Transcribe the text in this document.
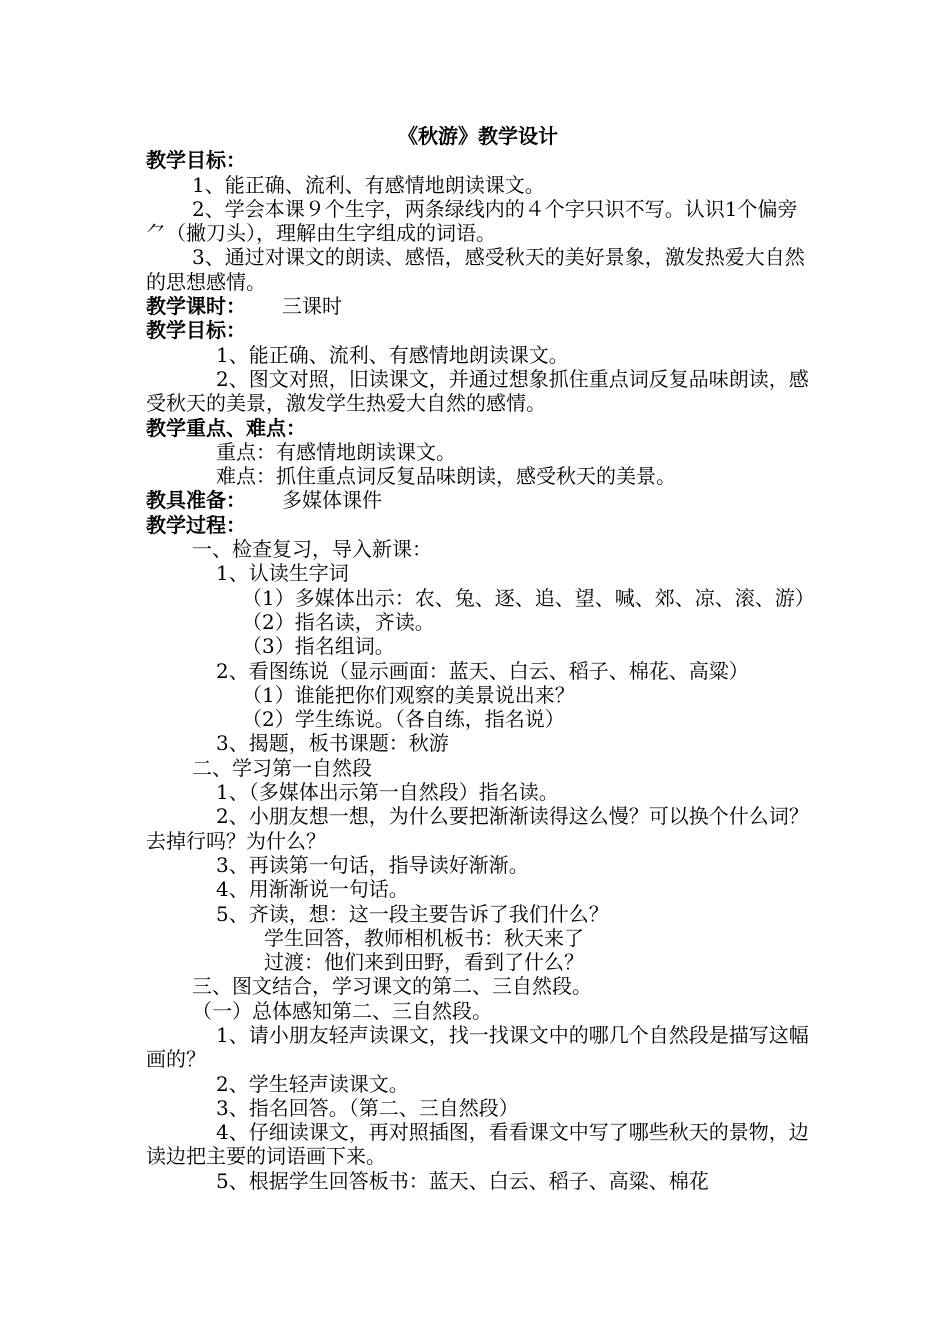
《秋游》教学设计
教学目标：
1、能正确、流利、有感情地朗读课文。
2、学会本课９个生字，两条绿线内的４个字只识不写。认识1个偏旁⺈（撇刀头），理解由生字组成的词语。
3、通过对课文的朗读、感悟，感受秋天的美好景象，激发热爱大自然的思想感情。
教学课时： 三课时
教学目标：
1、能正确、流利、有感情地朗读课文。
2、图文对照，旧读课文，并通过想象抓住重点词反复品味朗读，感受秋天的美景，激发学生热爱大自然的感情。
教学重点、难点：
重点：有感情地朗读课文。
难点：抓住重点词反复品味朗读，感受秋天的美景。
教具准备： 多媒体课件
教学过程：
一、检查复习，导入新课：
1、认读生字词
（1）多媒体出示：农、兔、逐、追、望、喊、郊、凉、滚、游）
（2）指名读，齐读。
（3）指名组词。
2、看图练说（显示画面：蓝天、白云、稻子、棉花、高粱）
（1）谁能把你们观察的美景说出来？
（2）学生练说。（各自练，指名说）
3、揭题，板书课题：秋游
二、学习第一自然段
1、（多媒体出示第一自然段）指名读。
2、小朋友想一想，为什么要把渐渐读得这么慢？可以换个什么词？去掉行吗？为什么？
3、再读第一句话，指导读好渐渐。
4、用渐渐说一句话。
5、齐读，想：这一段主要告诉了我们什么？
学生回答，教师相机板书：秋天来了
过渡：他们来到田野，看到了什么？
三、图文结合，学习课文的第二、三自然段。
（一）总体感知第二、三自然段。
1、请小朋友轻声读课文，找一找课文中的哪几个自然段是描写这幅画的？
2、学生轻声读课文。
3、指名回答。（第二、三自然段）
4、仔细读课文，再对照插图，看看课文中写了哪些秋天的景物，边读边把主要的词语画下来。
5、根据学生回答板书：蓝天、白云、稻子、高粱、棉花
